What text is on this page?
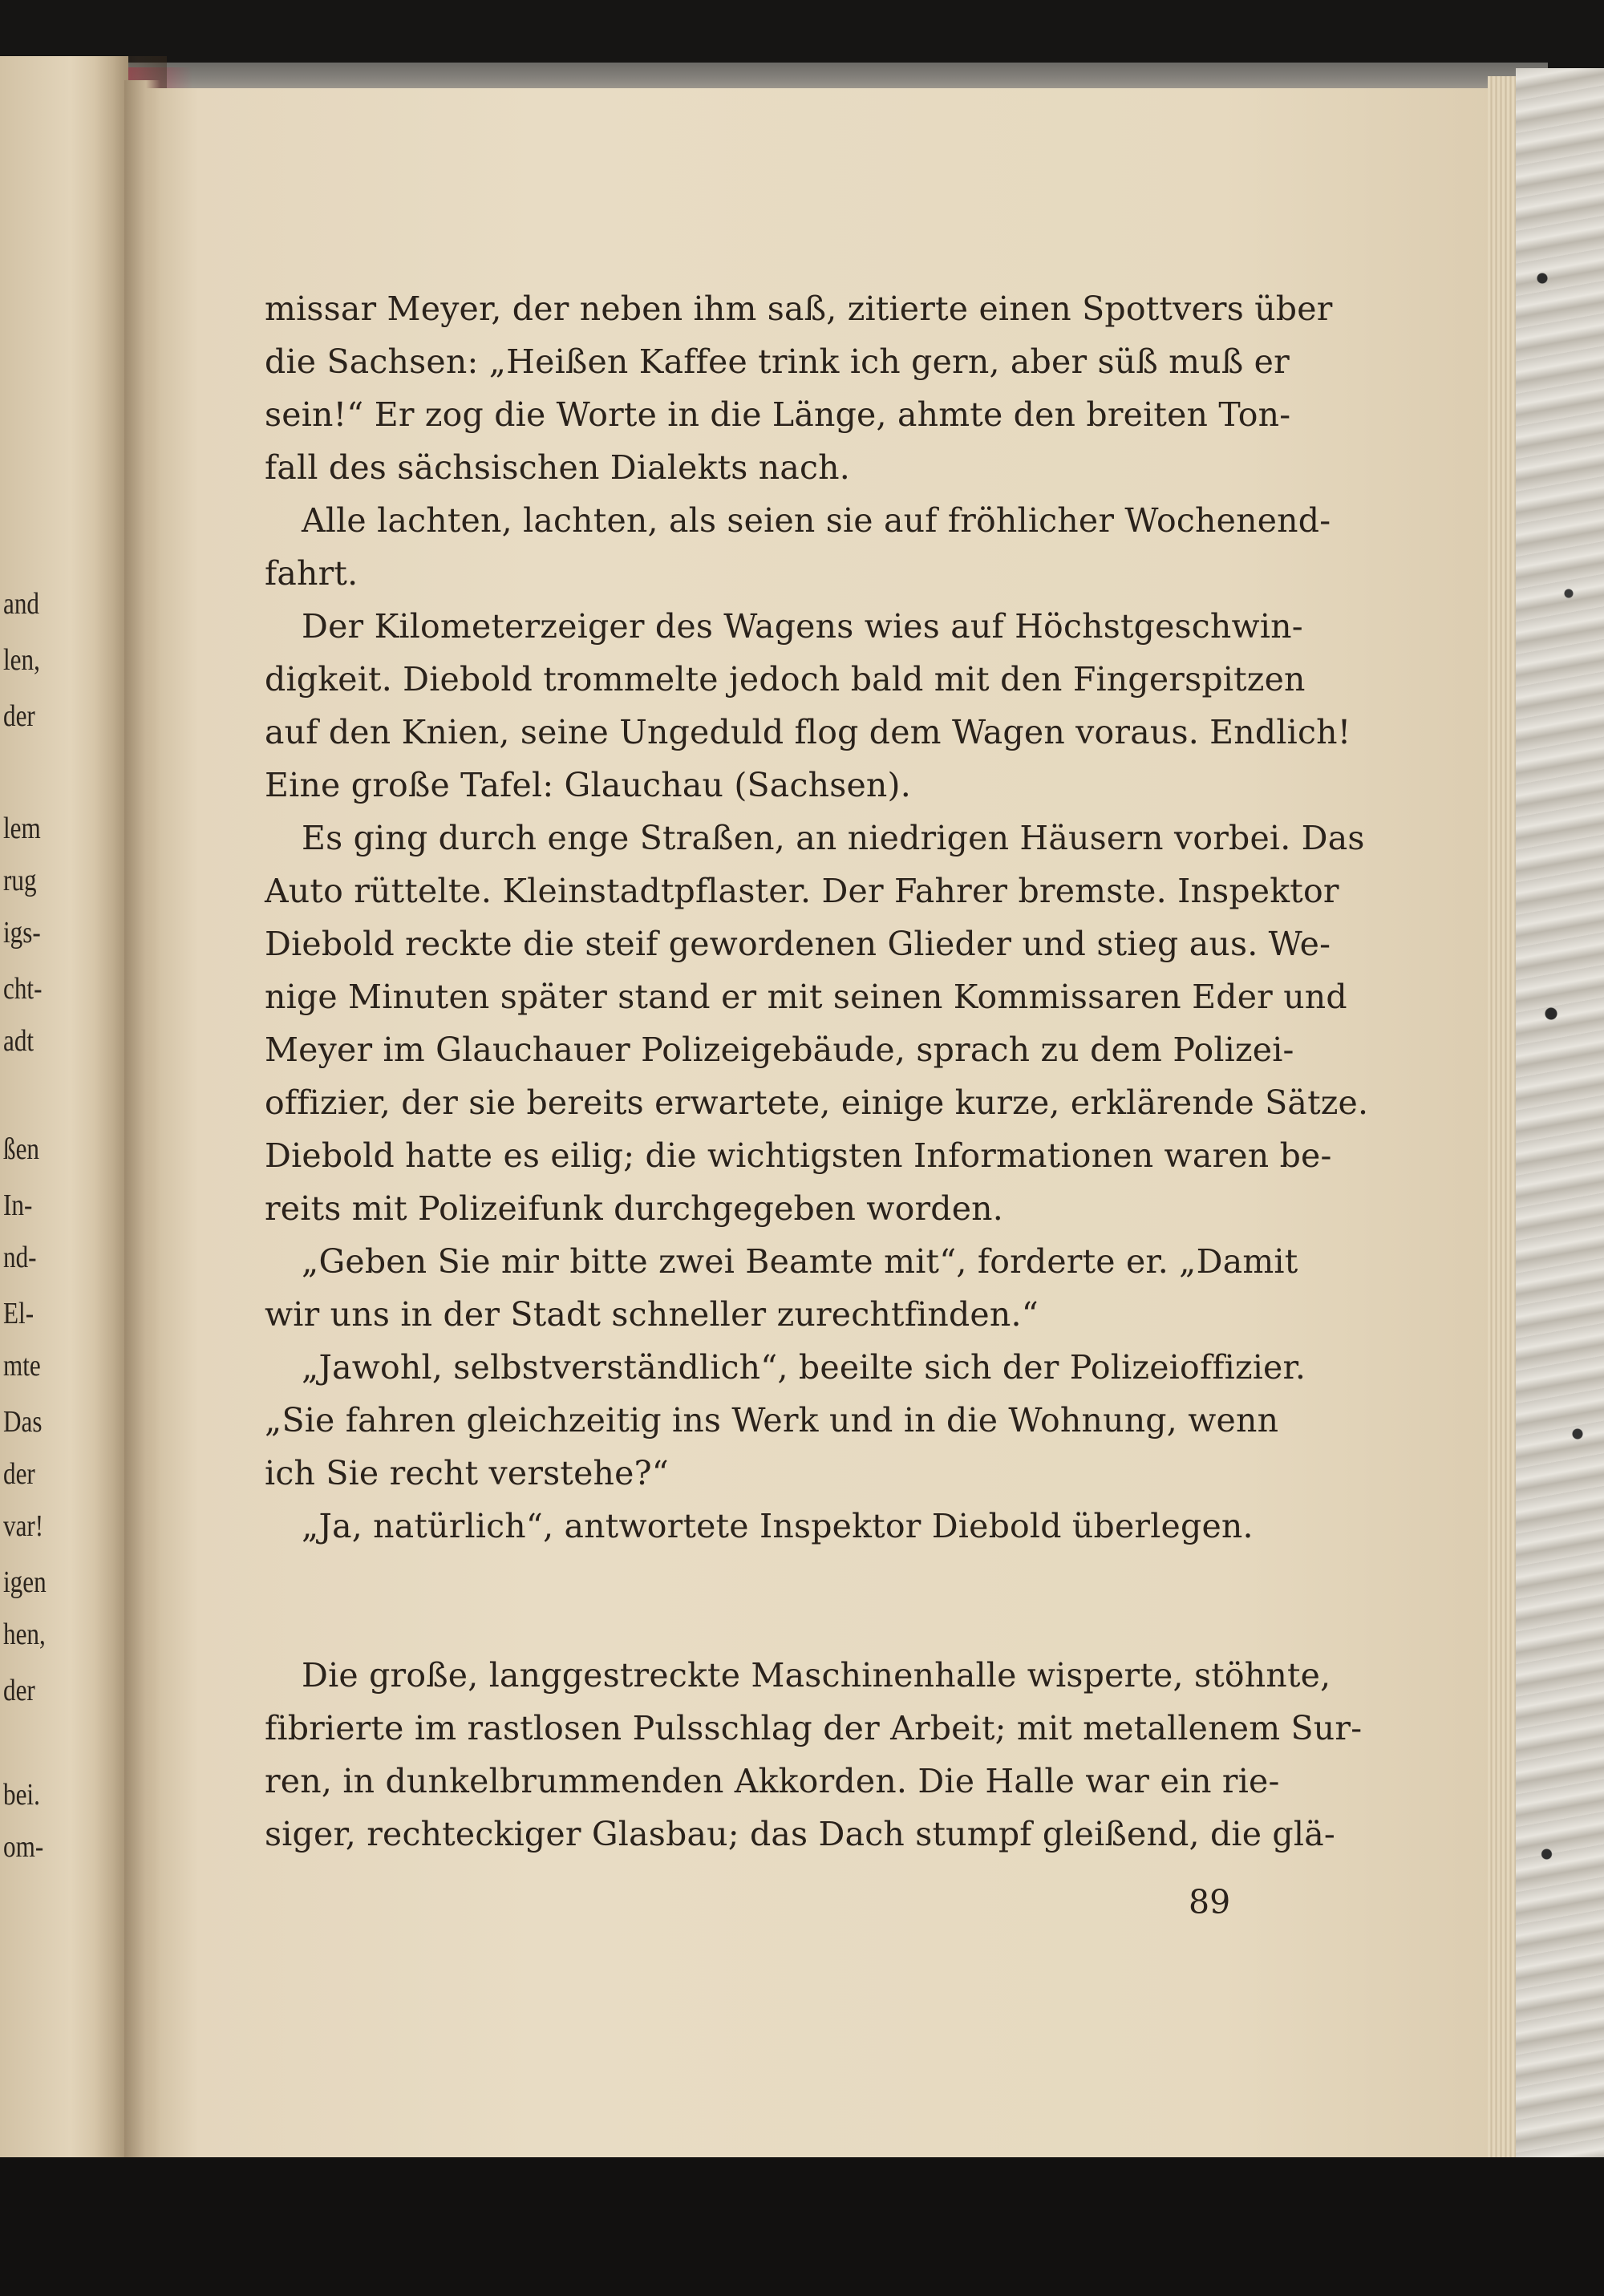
and
len,
der
lem
rug
igs-
cht-
adt
ßen
In-
nd-
El-
mte
Das
der
var!
igen
hen,
der
bei.
om-
missar Meyer, der neben ihm saß, zitierte einen Spottvers über
die Sachsen: „Heißen Kaffee trink ich gern, aber süß muß er
sein!“ Er zog die Worte in die Länge, ahmte den breiten Ton-
fall des sächsischen Dialekts nach.
Alle lachten, lachten, als seien sie auf fröhlicher Wochenend-
fahrt.
Der Kilometerzeiger des Wagens wies auf Höchstgeschwin-
digkeit. Diebold trommelte jedoch bald mit den Fingerspitzen
auf den Knien, seine Ungeduld flog dem Wagen voraus. Endlich!
Eine große Tafel: Glauchau (Sachsen).
Es ging durch enge Straßen, an niedrigen Häusern vorbei. Das
Auto rüttelte. Kleinstadtpflaster. Der Fahrer bremste. Inspektor
Diebold reckte die steif gewordenen Glieder und stieg aus. We-
nige Minuten später stand er mit seinen Kommissaren Eder und
Meyer im Glauchauer Polizeigebäude, sprach zu dem Polizei-
offizier, der sie bereits erwartete, einige kurze, erklärende Sätze.
Diebold hatte es eilig; die wichtigsten Informationen waren be-
reits mit Polizeifunk durchgegeben worden.
„Geben Sie mir bitte zwei Beamte mit“, forderte er. „Damit
wir uns in der Stadt schneller zurechtfinden.“
„Jawohl, selbstverständlich“, beeilte sich der Polizeioffizier.
„Sie fahren gleichzeitig ins Werk und in die Wohnung, wenn
ich Sie recht verstehe?“
„Ja, natürlich“, antwortete Inspektor Diebold überlegen.
Die große, langgestreckte Maschinenhalle wisperte, stöhnte,
fibrierte im rastlosen Pulsschlag der Arbeit; mit metallenem Sur-
ren, in dunkelbrummenden Akkorden. Die Halle war ein rie-
siger, rechteckiger Glasbau; das Dach stumpf gleißend, die glä-
89
